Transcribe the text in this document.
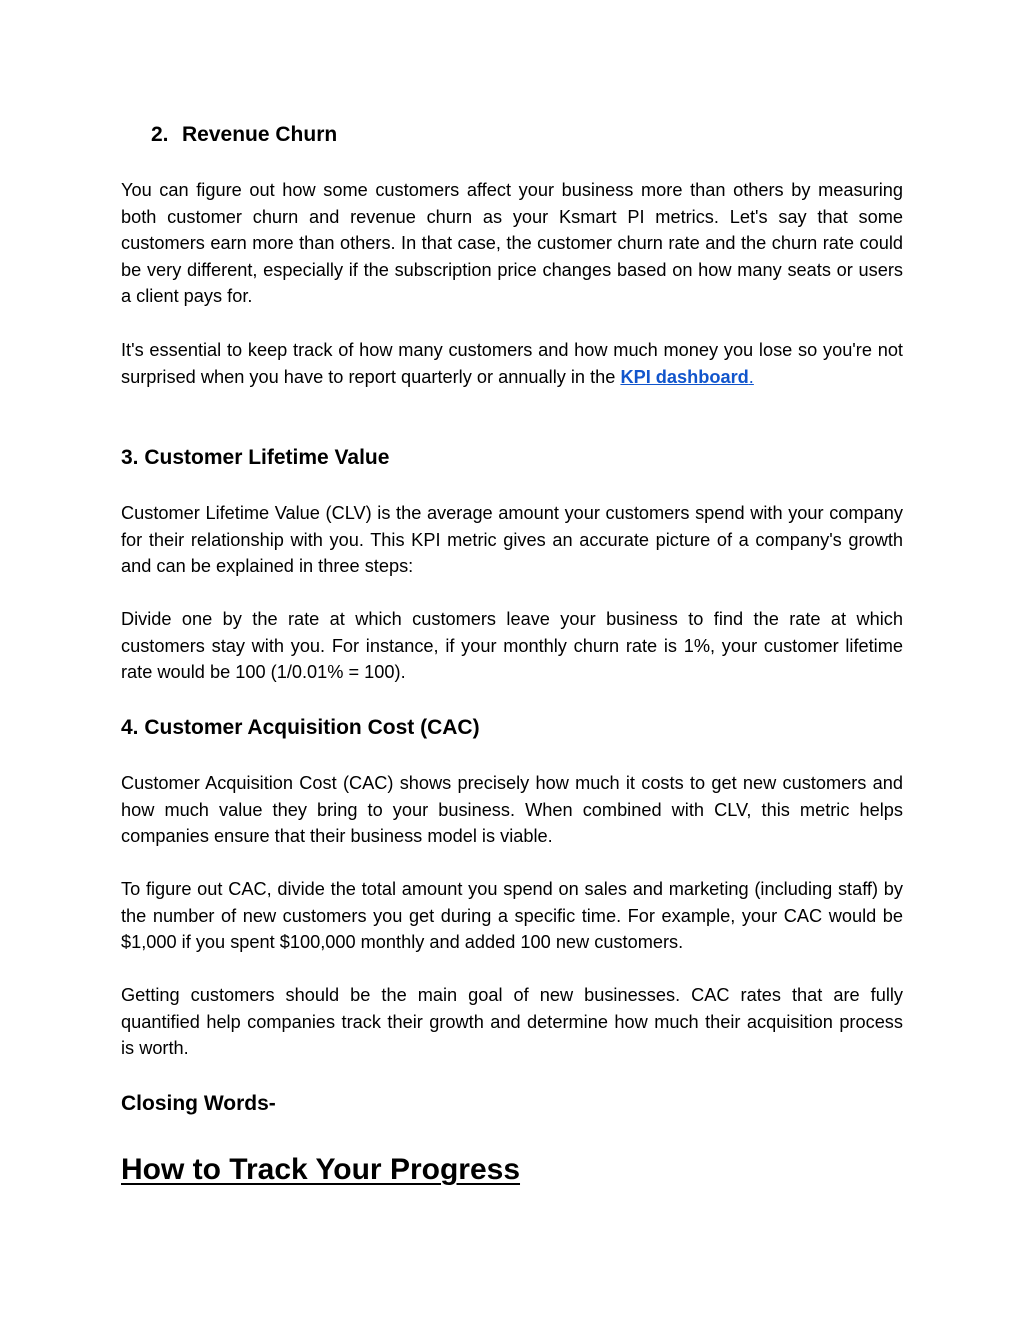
2. Revenue Churn
You can figure out how some customers affect your business more than others by measuring both customer churn and revenue churn as your Ksmart PI metrics. Let's say that some customers earn more than others. In that case, the customer churn rate and the churn rate could be very different, especially if the subscription price changes based on how many seats or users a client pays for.
It's essential to keep track of how many customers and how much money you lose so you're not surprised when you have to report quarterly or annually in the KPI dashboard.
3. Customer Lifetime Value
Customer Lifetime Value (CLV) is the average amount your customers spend with your company for their relationship with you. This KPI metric gives an accurate picture of a company's growth and can be explained in three steps:
Divide one by the rate at which customers leave your business to find the rate at which customers stay with you. For instance, if your monthly churn rate is 1%, your customer lifetime rate would be 100 (1/0.01% = 100).
4. Customer Acquisition Cost (CAC)
Customer Acquisition Cost (CAC) shows precisely how much it costs to get new customers and how much value they bring to your business. When combined with CLV, this metric helps companies ensure that their business model is viable.
To figure out CAC, divide the total amount you spend on sales and marketing (including staff) by the number of new customers you get during a specific time. For example, your CAC would be $1,000 if you spent $100,000 monthly and added 100 new customers.
Getting customers should be the main goal of new businesses. CAC rates that are fully quantified help companies track their growth and determine how much their acquisition process is worth.
Closing Words-
How to Track Your Progress
